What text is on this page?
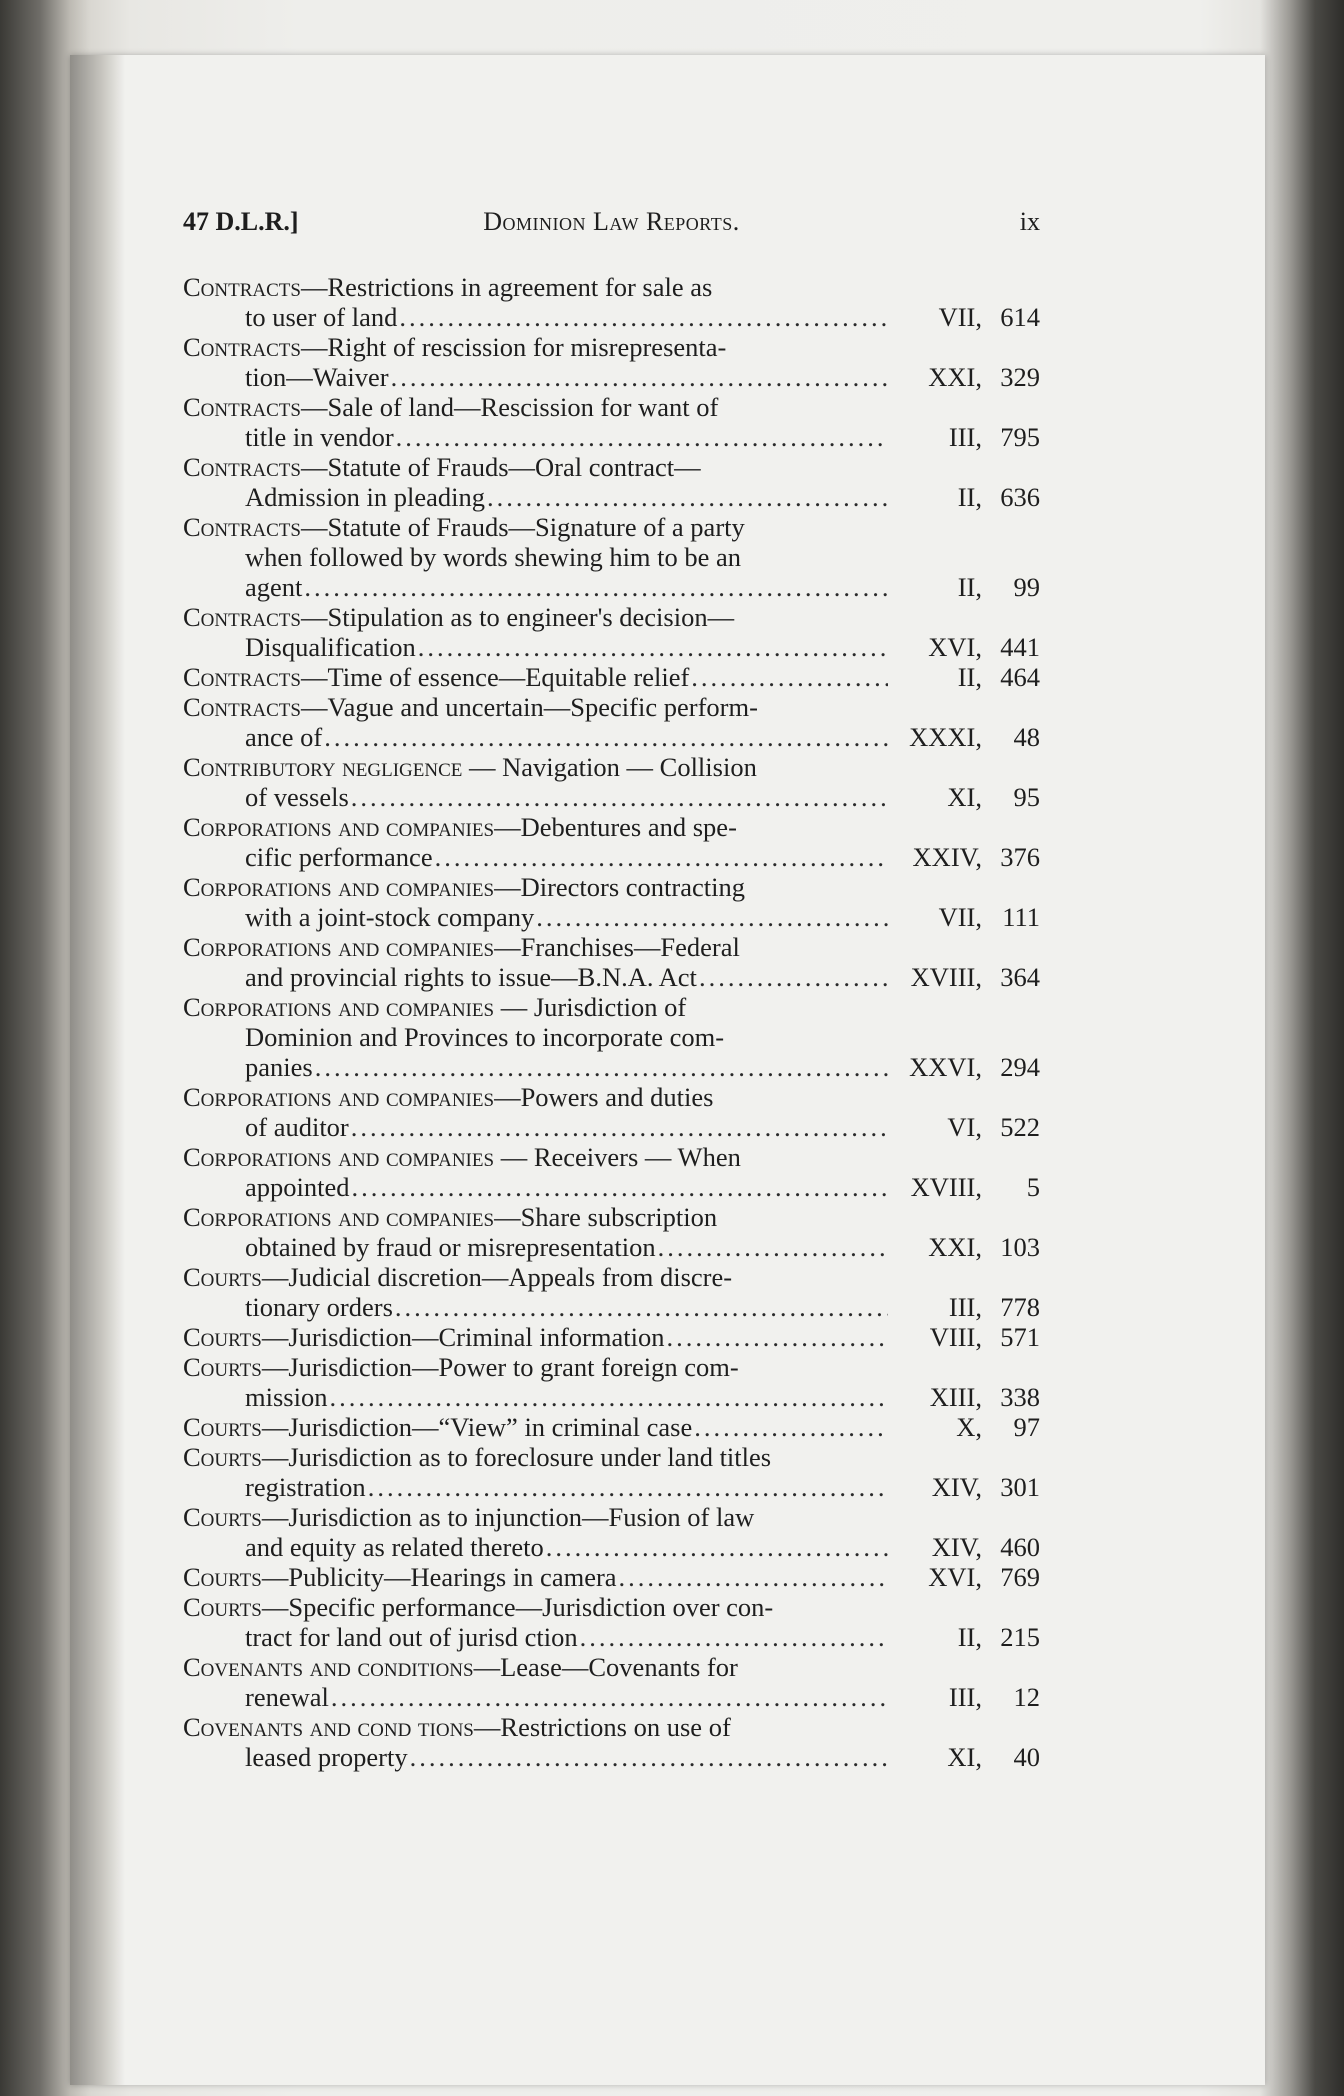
47 D.L.R.]	Dominion Law Reports.	ix
Contracts—Restrictions in agreement for sale as
to user of land .....	VII, 614
Contracts—Right of rescission for misrepresenta-
tion—Waiver .....	XXI, 329
Contracts—Sale of land—Rescission for want of
title in vendor .....	III, 795
Contracts—Statute of Frauds—Oral contract—
Admission in pleading .....	II, 636
Contracts—Statute of Frauds—Signature of a party
when followed by words shewing him to be an
agent .....	II,	99
Contracts—Stipulation as to engineer's decision—
Disqualification .....	XVI, 441
Contracts—Time of essence—Equitable relief .....	II, 464
Contracts—Vague and uncertain—Specific perform-
ance of .....	XXXI,	48
Contributory negligence — Navigation — Collision
of vessels .....	XI,	95
Corporations and companies—Debentures and spe-
cific performance .....	XXIV, 376
Corporations and companies—Directors contracting
with a joint-stock company .....	VII, 111
Corporations and companies—Franchises—Federal
and provincial rights to issue—B.N.A. Act .....	XVIII, 364
Corporations and companies — Jurisdiction of
Dominion and Provinces to incorporate com-
panies .....	XXVI, 294
Corporations and companies—Powers and duties
of auditor .....	VI, 522
Corporations and companies — Receivers — When
appointed .....	XVIII,	5
Corporations and companies—Share subscription
obtained by fraud or misrepresentation .....	XXI, 103
Courts—Judicial discretion—Appeals from discre-
tionary orders .....	III, 778
Courts—Jurisdiction—Criminal information .....	VIII, 571
Courts—Jurisdiction—Power to grant foreign com-
mission .....	XIII, 338
Courts—Jurisdiction—“View” in criminal case .....	X,	97
Courts—Jurisdiction as to foreclosure under land titles
registration .....	XIV, 301
Courts—Jurisdiction as to injunction—Fusion of law
and equity as related thereto .....	XIV, 460
Courts—Publicity—Hearings in camera .....	XVI, 769
Courts—Specific performance—Jurisdiction over con-
tract for land out of jurisd ction .....	II, 215
Covenants and conditions—Lease—Covenants for
renewal .....	III,	12
Covenants and cond tions—Restrictions on use of
leased property .....	XI,	40
